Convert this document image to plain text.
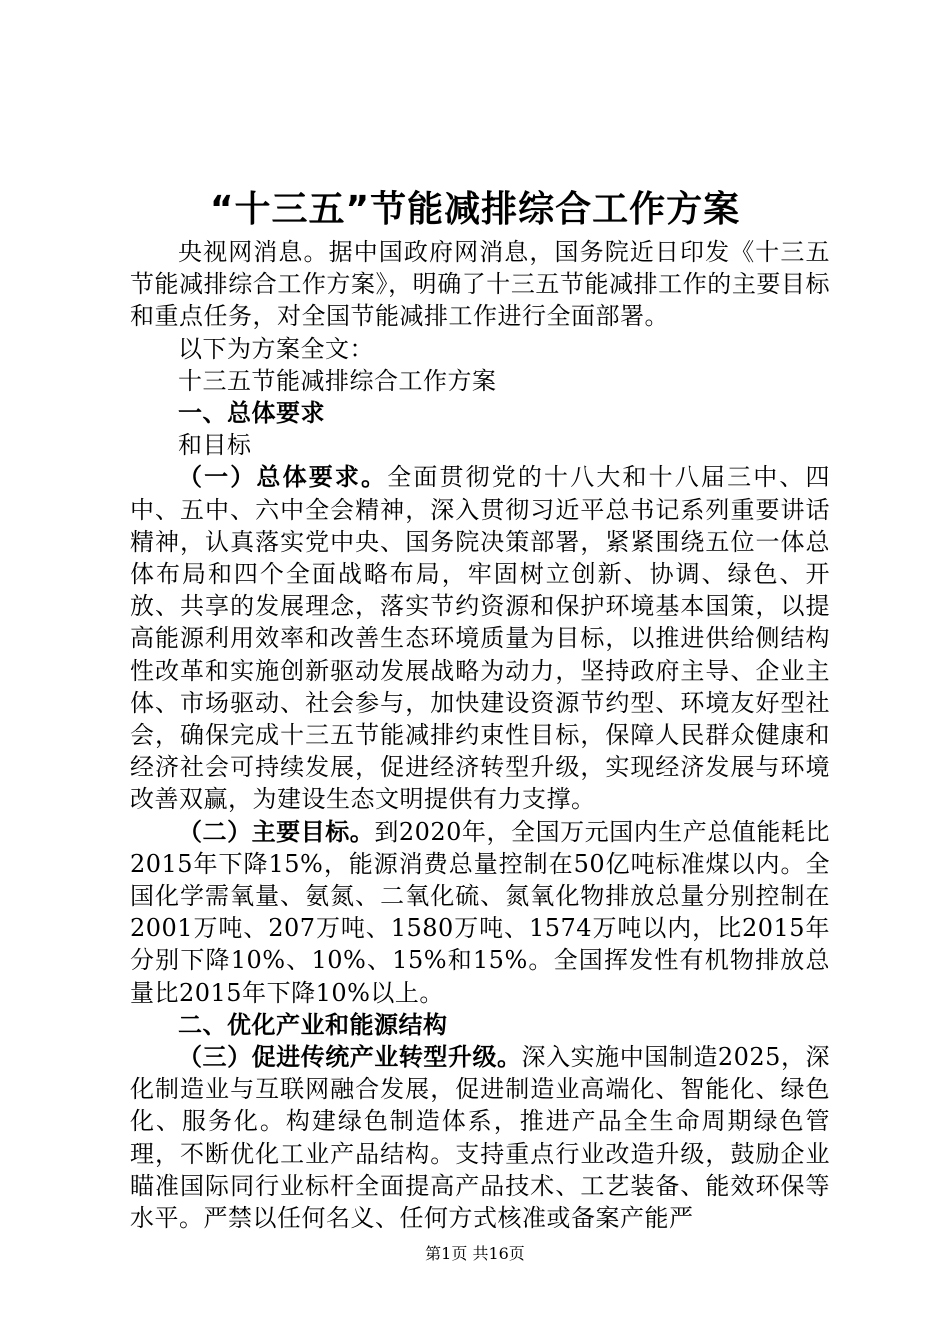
“十三五”节能减排综合工作方案

央视网消息。据中国政府网消息，国务院近日印发《十三五节能减排综合工作方案》，明确了十三五节能减排工作的主要目标和重点任务，对全国节能减排工作进行全面部署。

以下为方案全文：

十三五节能减排综合工作方案

一、总体要求

和目标

（一）总体要求。全面贯彻党的十八大和十八届三中、四中、五中、六中全会精神，深入贯彻习近平总书记系列重要讲话精神，认真落实党中央、国务院决策部署，紧紧围绕五位一体总体布局和四个全面战略布局，牢固树立创新、协调、绿色、开放、共享的发展理念，落实节约资源和保护环境基本国策，以提高能源利用效率和改善生态环境质量为目标，以推进供给侧结构性改革和实施创新驱动发展战略为动力，坚持政府主导、企业主体、市场驱动、社会参与，加快建设资源节约型、环境友好型社会，确保完成十三五节能减排约束性目标，保障人民群众健康和经济社会可持续发展，促进经济转型升级，实现经济发展与环境改善双赢，为建设生态文明提供有力支撑。

（二）主要目标。到2020年，全国万元国内生产总值能耗比2015年下降15%，能源消费总量控制在50亿吨标准煤以内。全国化学需氧量、氨氮、二氧化硫、氮氧化物排放总量分别控制在2001万吨、207万吨、1580万吨、1574万吨以内，比2015年分别下降10%、10%、15%和15%。全国挥发性有机物排放总量比2015年下降10%以上。

二、优化产业和能源结构

（三）促进传统产业转型升级。深入实施中国制造2025，深化制造业与互联网融合发展，促进制造业高端化、智能化、绿色化、服务化。构建绿色制造体系，推进产品全生命周期绿色管理，不断优化工业产品结构。支持重点行业改造升级，鼓励企业瞄准国际同行业标杆全面提高产品技术、工艺装备、能效环保等水平。严禁以任何名义、任何方式核准或备案产能严

第1页 共16页
